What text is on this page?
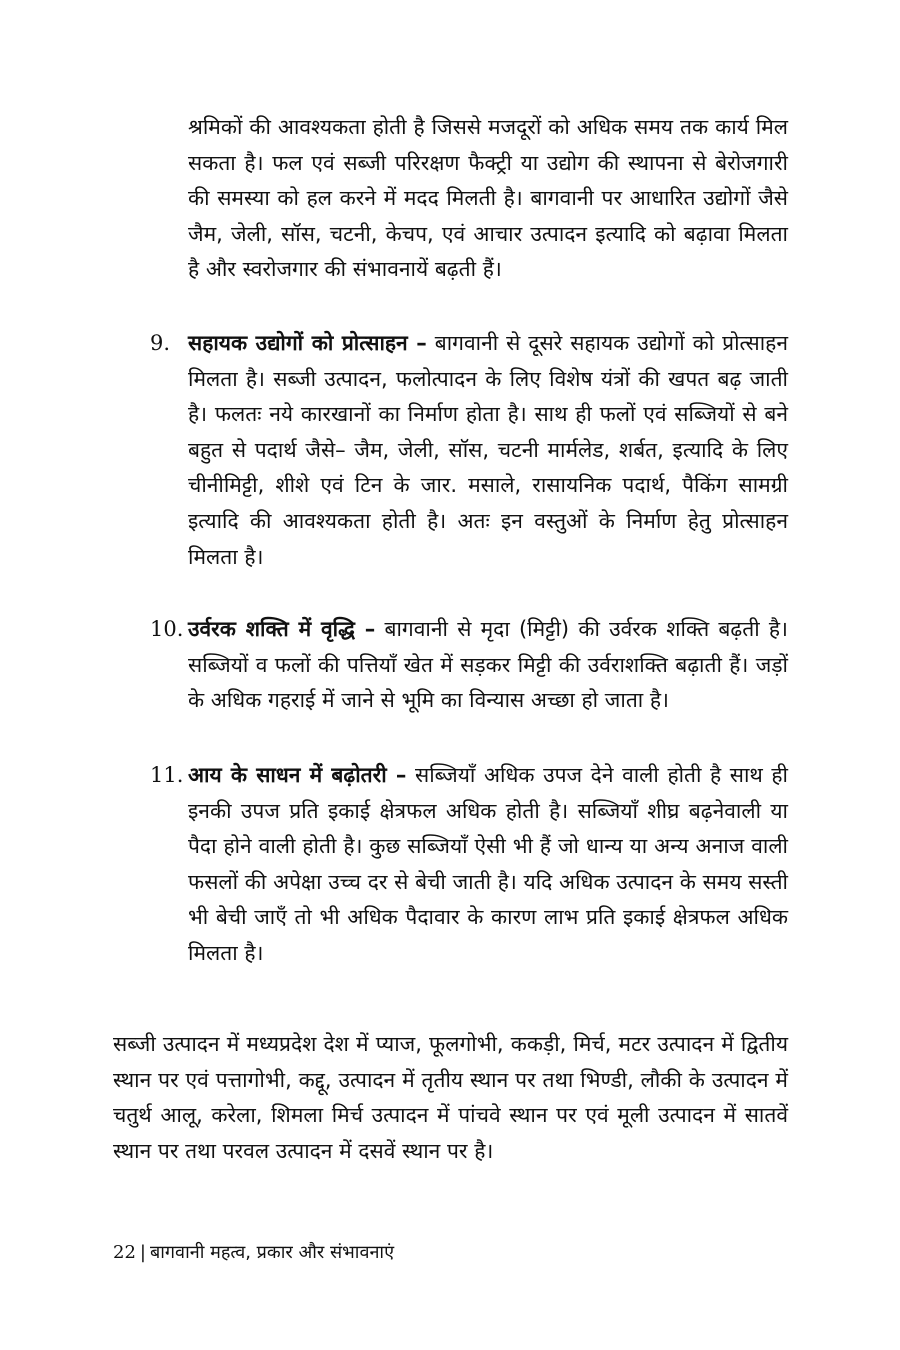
श्रमिकों की आवश्यकता होती है जिससे मजदूरों को अधिक समय तक कार्य मिल सकता है। फल एवं सब्जी परिरक्षण फैक्ट्री या उद्योग की स्थापना से बेरोजगारी की समस्या को हल करने में मदद मिलती है। बागवानी पर आधारित उद्योगों जैसे जैम, जेली, सॉस, चटनी, केचप, एवं आचार उत्पादन इत्यादि को बढ़ावा मिलता है और स्वरोजगार की संभावनायें बढ़ती हैं।

9. सहायक उद्योगों को प्रोत्साहन – बागवानी से दूसरे सहायक उद्योगों को प्रोत्साहन मिलता है। सब्जी उत्पादन, फलोत्पादन के लिए विशेष यंत्रों की खपत बढ़ जाती है। फलतः नये कारखानों का निर्माण होता है। साथ ही फलों एवं सब्जियों से बने बहुत से पदार्थ जैसे– जैम, जेली, सॉस, चटनी मार्मलेड, शर्बत, इत्यादि के लिए चीनीमिट्टी, शीशे एवं टिन के जार. मसाले, रासायनिक पदार्थ, पैकिंग सामग्री इत्यादि की आवश्यकता होती है। अतः इन वस्तुओं के निर्माण हेतु प्रोत्साहन मिलता है।
10. उर्वरक शक्ति में वृद्धि – बागवानी से मृदा (मिट्टी) की उर्वरक शक्ति बढ़ती है। सब्जियों व फलों की पत्तियाँ खेत में सड़कर मिट्टी की उर्वराशक्ति बढ़ाती हैं। जड़ों के अधिक गहराई में जाने से भूमि का विन्यास अच्छा हो जाता है।
11. आय के साधन में बढ़ोतरी – सब्जियाँ अधिक उपज देने वाली होती है साथ ही इनकी उपज प्रति इकाई क्षेत्रफल अधिक होती है। सब्जियाँ शीघ्र बढ़नेवाली या पैदा होने वाली होती है। कुछ सब्जियाँ ऐसी भी हैं जो धान्य या अन्य अनाज वाली फसलों की अपेक्षा उच्च दर से बेची जाती है। यदि अधिक उत्पादन के समय सस्ती भी बेची जाएँ तो भी अधिक पैदावार के कारण लाभ प्रति इकाई क्षेत्रफल अधिक मिलता है।

सब्जी उत्पादन में मध्यप्रदेश देश में प्याज, फूलगोभी, ककड़ी, मिर्च, मटर उत्पादन में द्वितीय स्थान पर एवं पत्तागोभी, कद्दू, उत्पादन में तृतीय स्थान पर तथा भिण्डी, लौकी के उत्पादन में चतुर्थ आलू, करेला, शिमला मिर्च उत्पादन में पांचवे स्थान पर एवं मूली उत्पादन में सातवें स्थान पर तथा परवल उत्पादन में दसवें स्थान पर है।

22 | बागवानी महत्व, प्रकार और संभावनाएं
